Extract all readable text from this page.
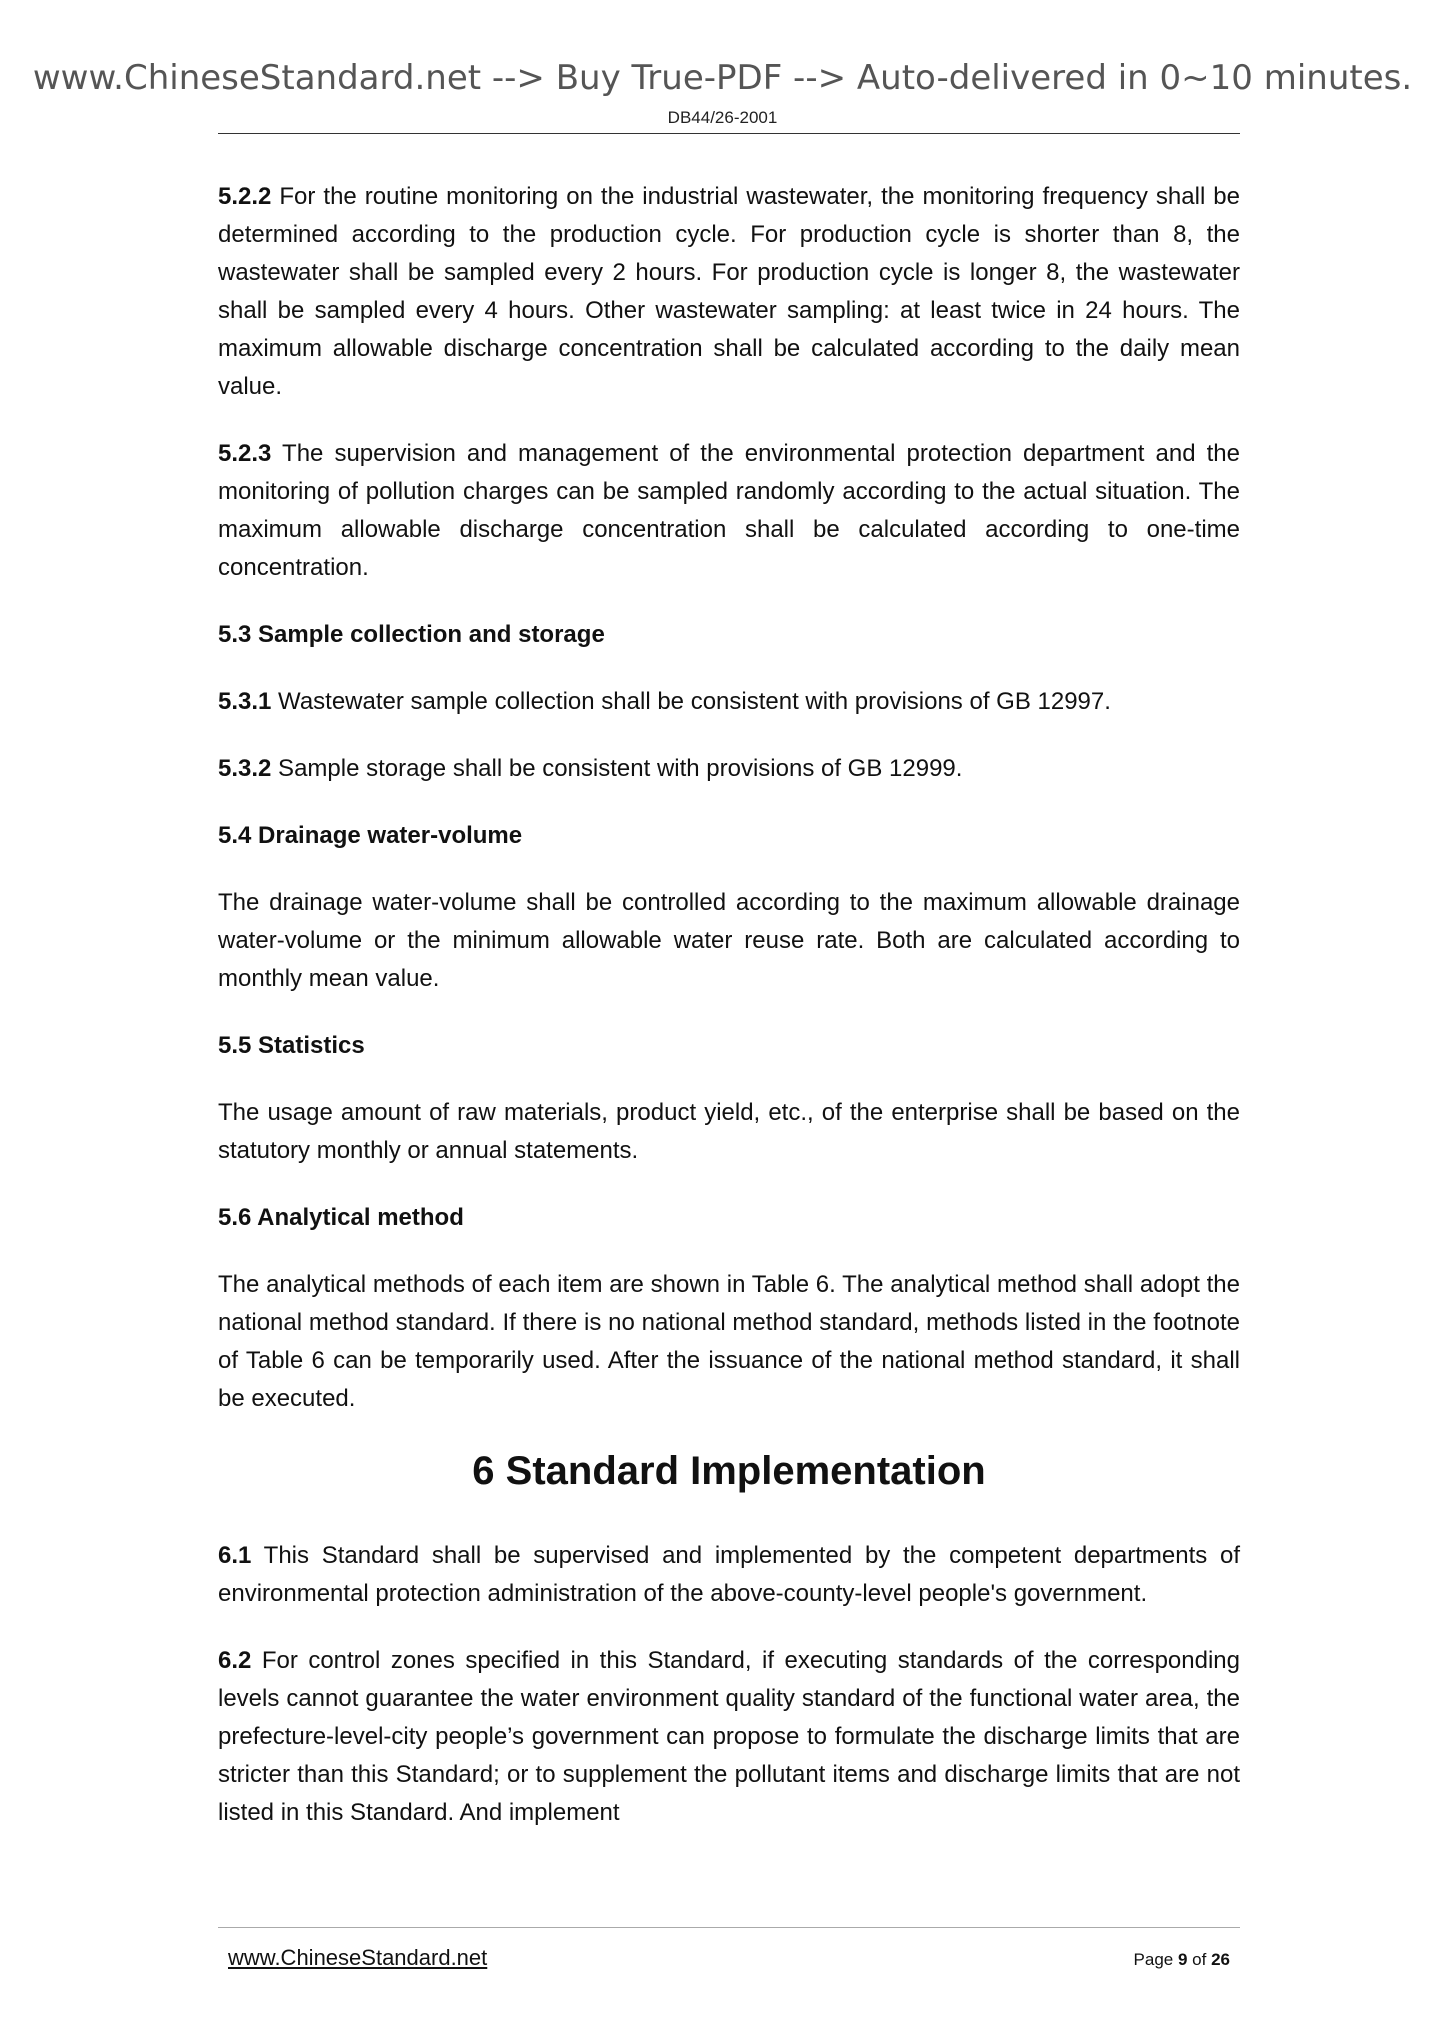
www.ChineseStandard.net --> Buy True-PDF --> Auto-delivered in 0~10 minutes.
DB44/26-2001

5.2.2 For the routine monitoring on the industrial wastewater, the monitoring frequency shall be determined according to the production cycle. For production cycle is shorter than 8, the wastewater shall be sampled every 2 hours. For production cycle is longer 8, the wastewater shall be sampled every 4 hours. Other wastewater sampling: at least twice in 24 hours. The maximum allowable discharge concentration shall be calculated according to the daily mean value.

5.2.3 The supervision and management of the environmental protection department and the monitoring of pollution charges can be sampled randomly according to the actual situation. The maximum allowable discharge concentration shall be calculated according to one-time concentration.

5.3 Sample collection and storage

5.3.1 Wastewater sample collection shall be consistent with provisions of GB 12997.

5.3.2 Sample storage shall be consistent with provisions of GB 12999.

5.4 Drainage water-volume

The drainage water-volume shall be controlled according to the maximum allowable drainage water-volume or the minimum allowable water reuse rate. Both are calculated according to monthly mean value.

5.5 Statistics

The usage amount of raw materials, product yield, etc., of the enterprise shall be based on the statutory monthly or annual statements.

5.6 Analytical method

The analytical methods of each item are shown in Table 6. The analytical method shall adopt the national method standard. If there is no national method standard, methods listed in the footnote of Table 6 can be temporarily used. After the issuance of the national method standard, it shall be executed.

6 Standard Implementation

6.1 This Standard shall be supervised and implemented by the competent departments of environmental protection administration of the above-county-level people's government.

6.2 For control zones specified in this Standard, if executing standards of the corresponding levels cannot guarantee the water environment quality standard of the functional water area, the prefecture-level-city people’s government can propose to formulate the discharge limits that are stricter than this Standard; or to supplement the pollutant items and discharge limits that are not listed in this Standard. And implement

www.ChineseStandard.net	Page 9 of 26
